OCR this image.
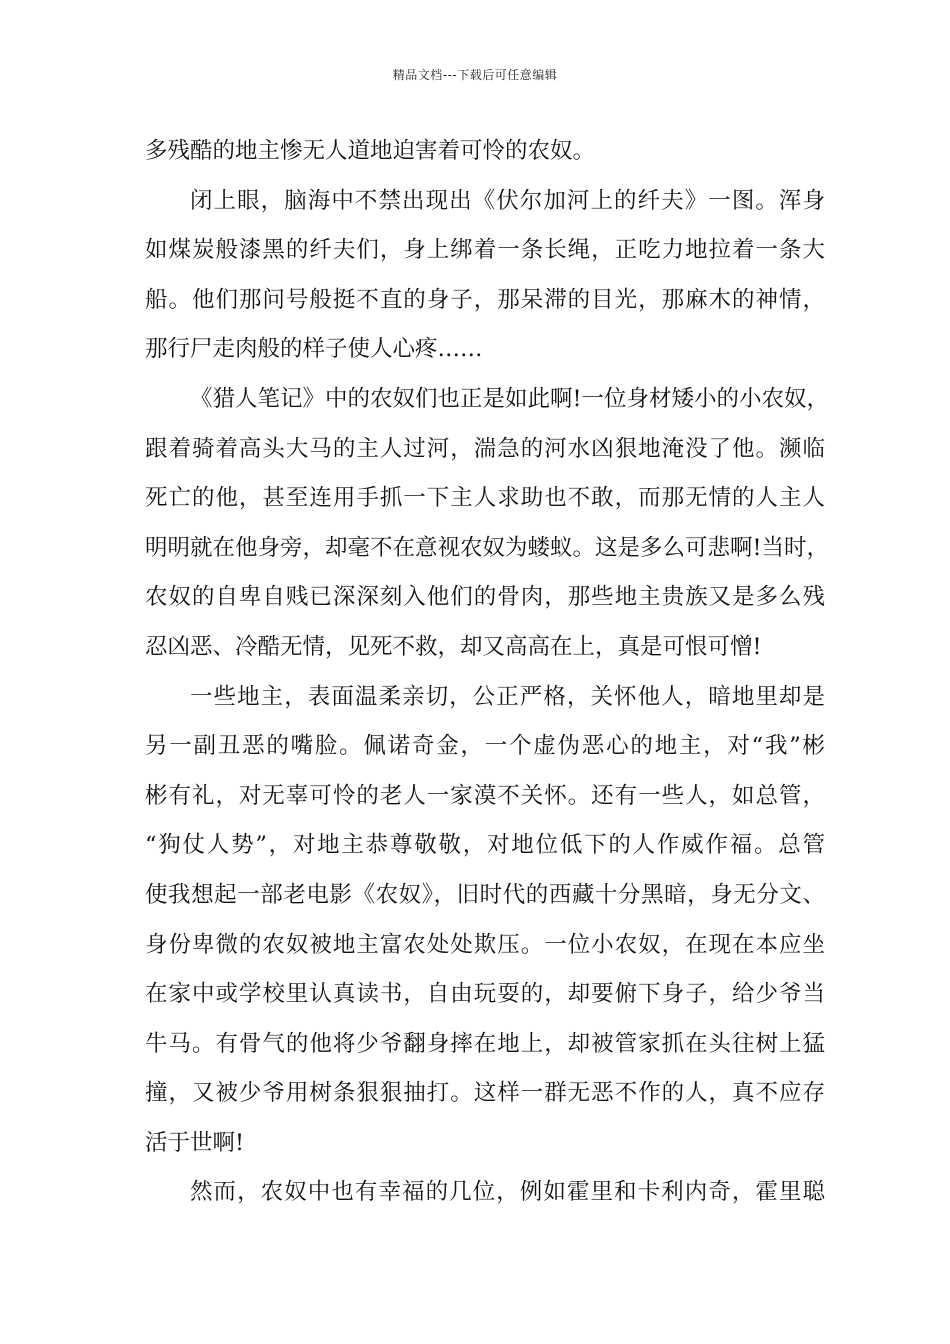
精品文档---下载后可任意编辑
多残酷的地主惨无人道地迫害着可怜的农奴。
闭上眼，脑海中不禁出现出《伏尔加河上的纤夫》一图。浑身
如煤炭般漆黑的纤夫们，身上绑着一条长绳，正吃力地拉着一条大
船。他们那问号般挺不直的身子，那呆滞的目光，那麻木的神情，
那行尸走肉般的样子使人心疼……
《猎人笔记》中的农奴们也正是如此啊!一位身材矮小的小农奴，
跟着骑着高头大马的主人过河，湍急的河水凶狠地淹没了他。濒临
死亡的他，甚至连用手抓一下主人求助也不敢，而那无情的人主人
明明就在他身旁，却毫不在意视农奴为蝼蚁。这是多么可悲啊!当时，
农奴的自卑自贱已深深刻入他们的骨肉，那些地主贵族又是多么残
忍凶恶、冷酷无情，见死不救，却又高高在上，真是可恨可憎!
一些地主，表面温柔亲切，公正严格，关怀他人，暗地里却是
另一副丑恶的嘴脸。佩诺奇金，一个虚伪恶心的地主，对“我”彬
彬有礼，对无辜可怜的老人一家漠不关怀。还有一些人，如总管，
“狗仗人势”，对地主恭尊敬敬，对地位低下的人作威作福。总管
使我想起一部老电影《农奴》，旧时代的西藏十分黑暗，身无分文、
身份卑微的农奴被地主富农处处欺压。一位小农奴，在现在本应坐
在家中或学校里认真读书，自由玩耍的，却要俯下身子，给少爷当
牛马。有骨气的他将少爷翻身摔在地上，却被管家抓在头往树上猛
撞，又被少爷用树条狠狠抽打。这样一群无恶不作的人，真不应存
活于世啊!
然而，农奴中也有幸福的几位，例如霍里和卡利内奇，霍里聪
